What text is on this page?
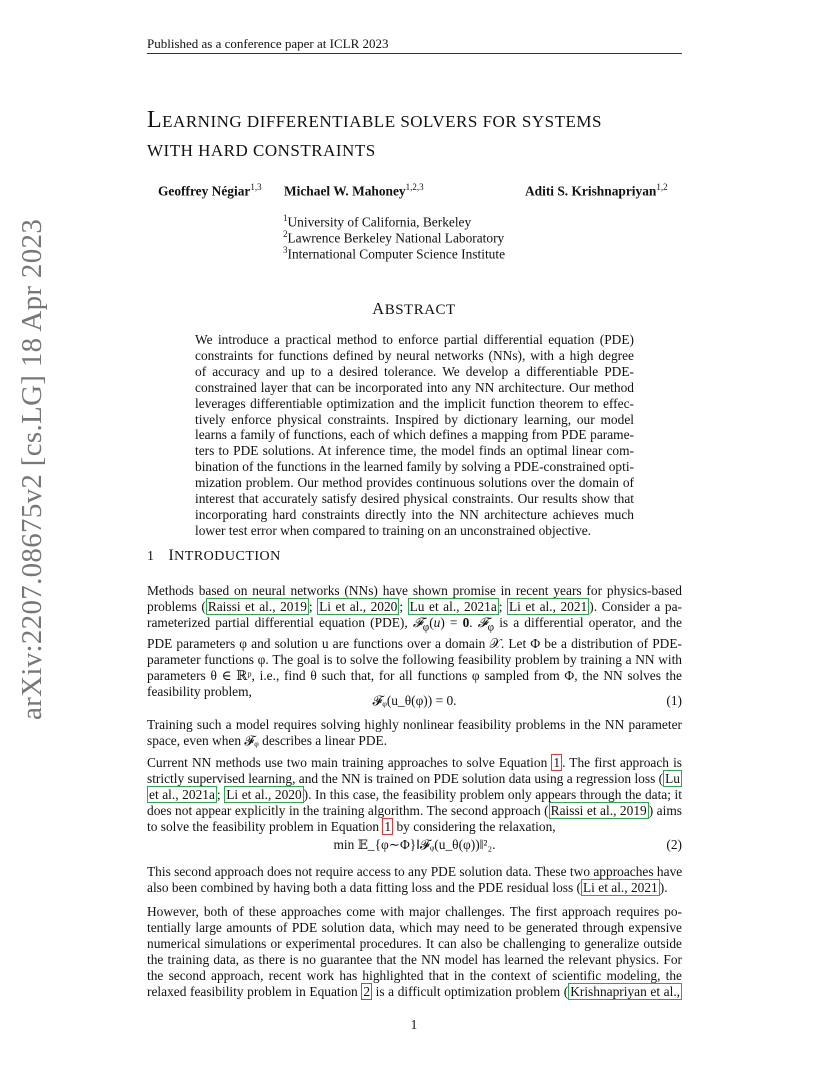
Published as a conference paper at ICLR 2023
arXiv:2207.08675v2 [cs.LG] 18 Apr 2023
LEARNING DIFFERENTIABLE SOLVERS FOR SYSTEMS
WITH HARD CONSTRAINTS
Geoffrey Négiar$^{1,3}$ Michael W. Mahoney$^{1,2,3}$	Aditi S. Krishnapriyan$^{1,2}$
$^1$University of California, Berkeley
$^2$Lawrence Berkeley National Laboratory
$^3$International Computer Science Institute
ABSTRACT
We introduce a practical method to enforce partial differential equation (PDE)
constraints for functions defined by neural networks (NNs), with a high degree
of accuracy and up to a desired tolerance. We develop a differentiable PDE-
constrained layer that can be incorporated into any NN architecture. Our method
leverages differentiable optimization and the implicit function theorem to effec-
tively enforce physical constraints. Inspired by dictionary learning, our model
learns a family of functions, each of which defines a mapping from PDE parame-
ters to PDE solutions. At inference time, the model finds an optimal linear com-
bination of the functions in the learned family by solving a PDE-constrained opti-
mization problem. Our method provides continuous solutions over the domain of
interest that accurately satisfy desired physical constraints. Our results show that
incorporating hard constraints directly into the NN architecture achieves much
lower test error when compared to training on an unconstrained objective.
1 INTRODUCTION
Methods based on neural networks (NNs) have shown promise in recent years for physics-based
problems ( Raissi et al., 2019 ; Li et al., 2020 ; Lu et al., 2021a ; Li et al., 2021 ). Consider a pa-
rameterized partial differential equation (PDE), 𝓕$_\varphi$(u) = 0. 𝓕$_\varphi$ is a differential operator, and the
PDE parameters φ and solution u are functions over a domain 𝒳. Let Φ be a distribution of PDE-
parameter functions φ. The goal is to solve the following feasibility problem by training a NN with
parameters θ ∈ ℝᵖ, i.e., find θ such that, for all functions φ sampled from Φ, the NN solves the
feasibility problem,
𝓕ᵩ(u_θ(φ)) = 0.	(1)
Training such a model requires solving highly nonlinear feasibility problems in the NN parameter
space, even when 𝓕ᵩ describes a linear PDE.
Current NN methods use two main training approaches to solve Equation 1 . The first approach is
strictly supervised learning, and the NN is trained on PDE solution data using a regression loss ( Lu
et al., 2021a ; Li et al., 2020 ). In this case, the feasibility problem only appears through the data; it
does not appear explicitly in the training algorithm. The second approach ( Raissi et al., 2019 ) aims
to solve the feasibility problem in Equation 1 by considering the relaxation,
min 𝔼_{φ∼Φ}‖𝓕ᵩ(u_θ(φ))‖²₂.	(2)
This second approach does not require access to any PDE solution data. These two approaches have
also been combined by having both a data fitting loss and the PDE residual loss ( Li et al., 2021 ).
However, both of these approaches come with major challenges. The first approach requires po-
tentially large amounts of PDE solution data, which may need to be generated through expensive
numerical simulations or experimental procedures. It can also be challenging to generalize outside
the training data, as there is no guarantee that the NN model has learned the relevant physics. For
the second approach, recent work has highlighted that in the context of scientific modeling, the
relaxed feasibility problem in Equation 2 is a difficult optimization problem ( Krishnapriyan et al.,
1
